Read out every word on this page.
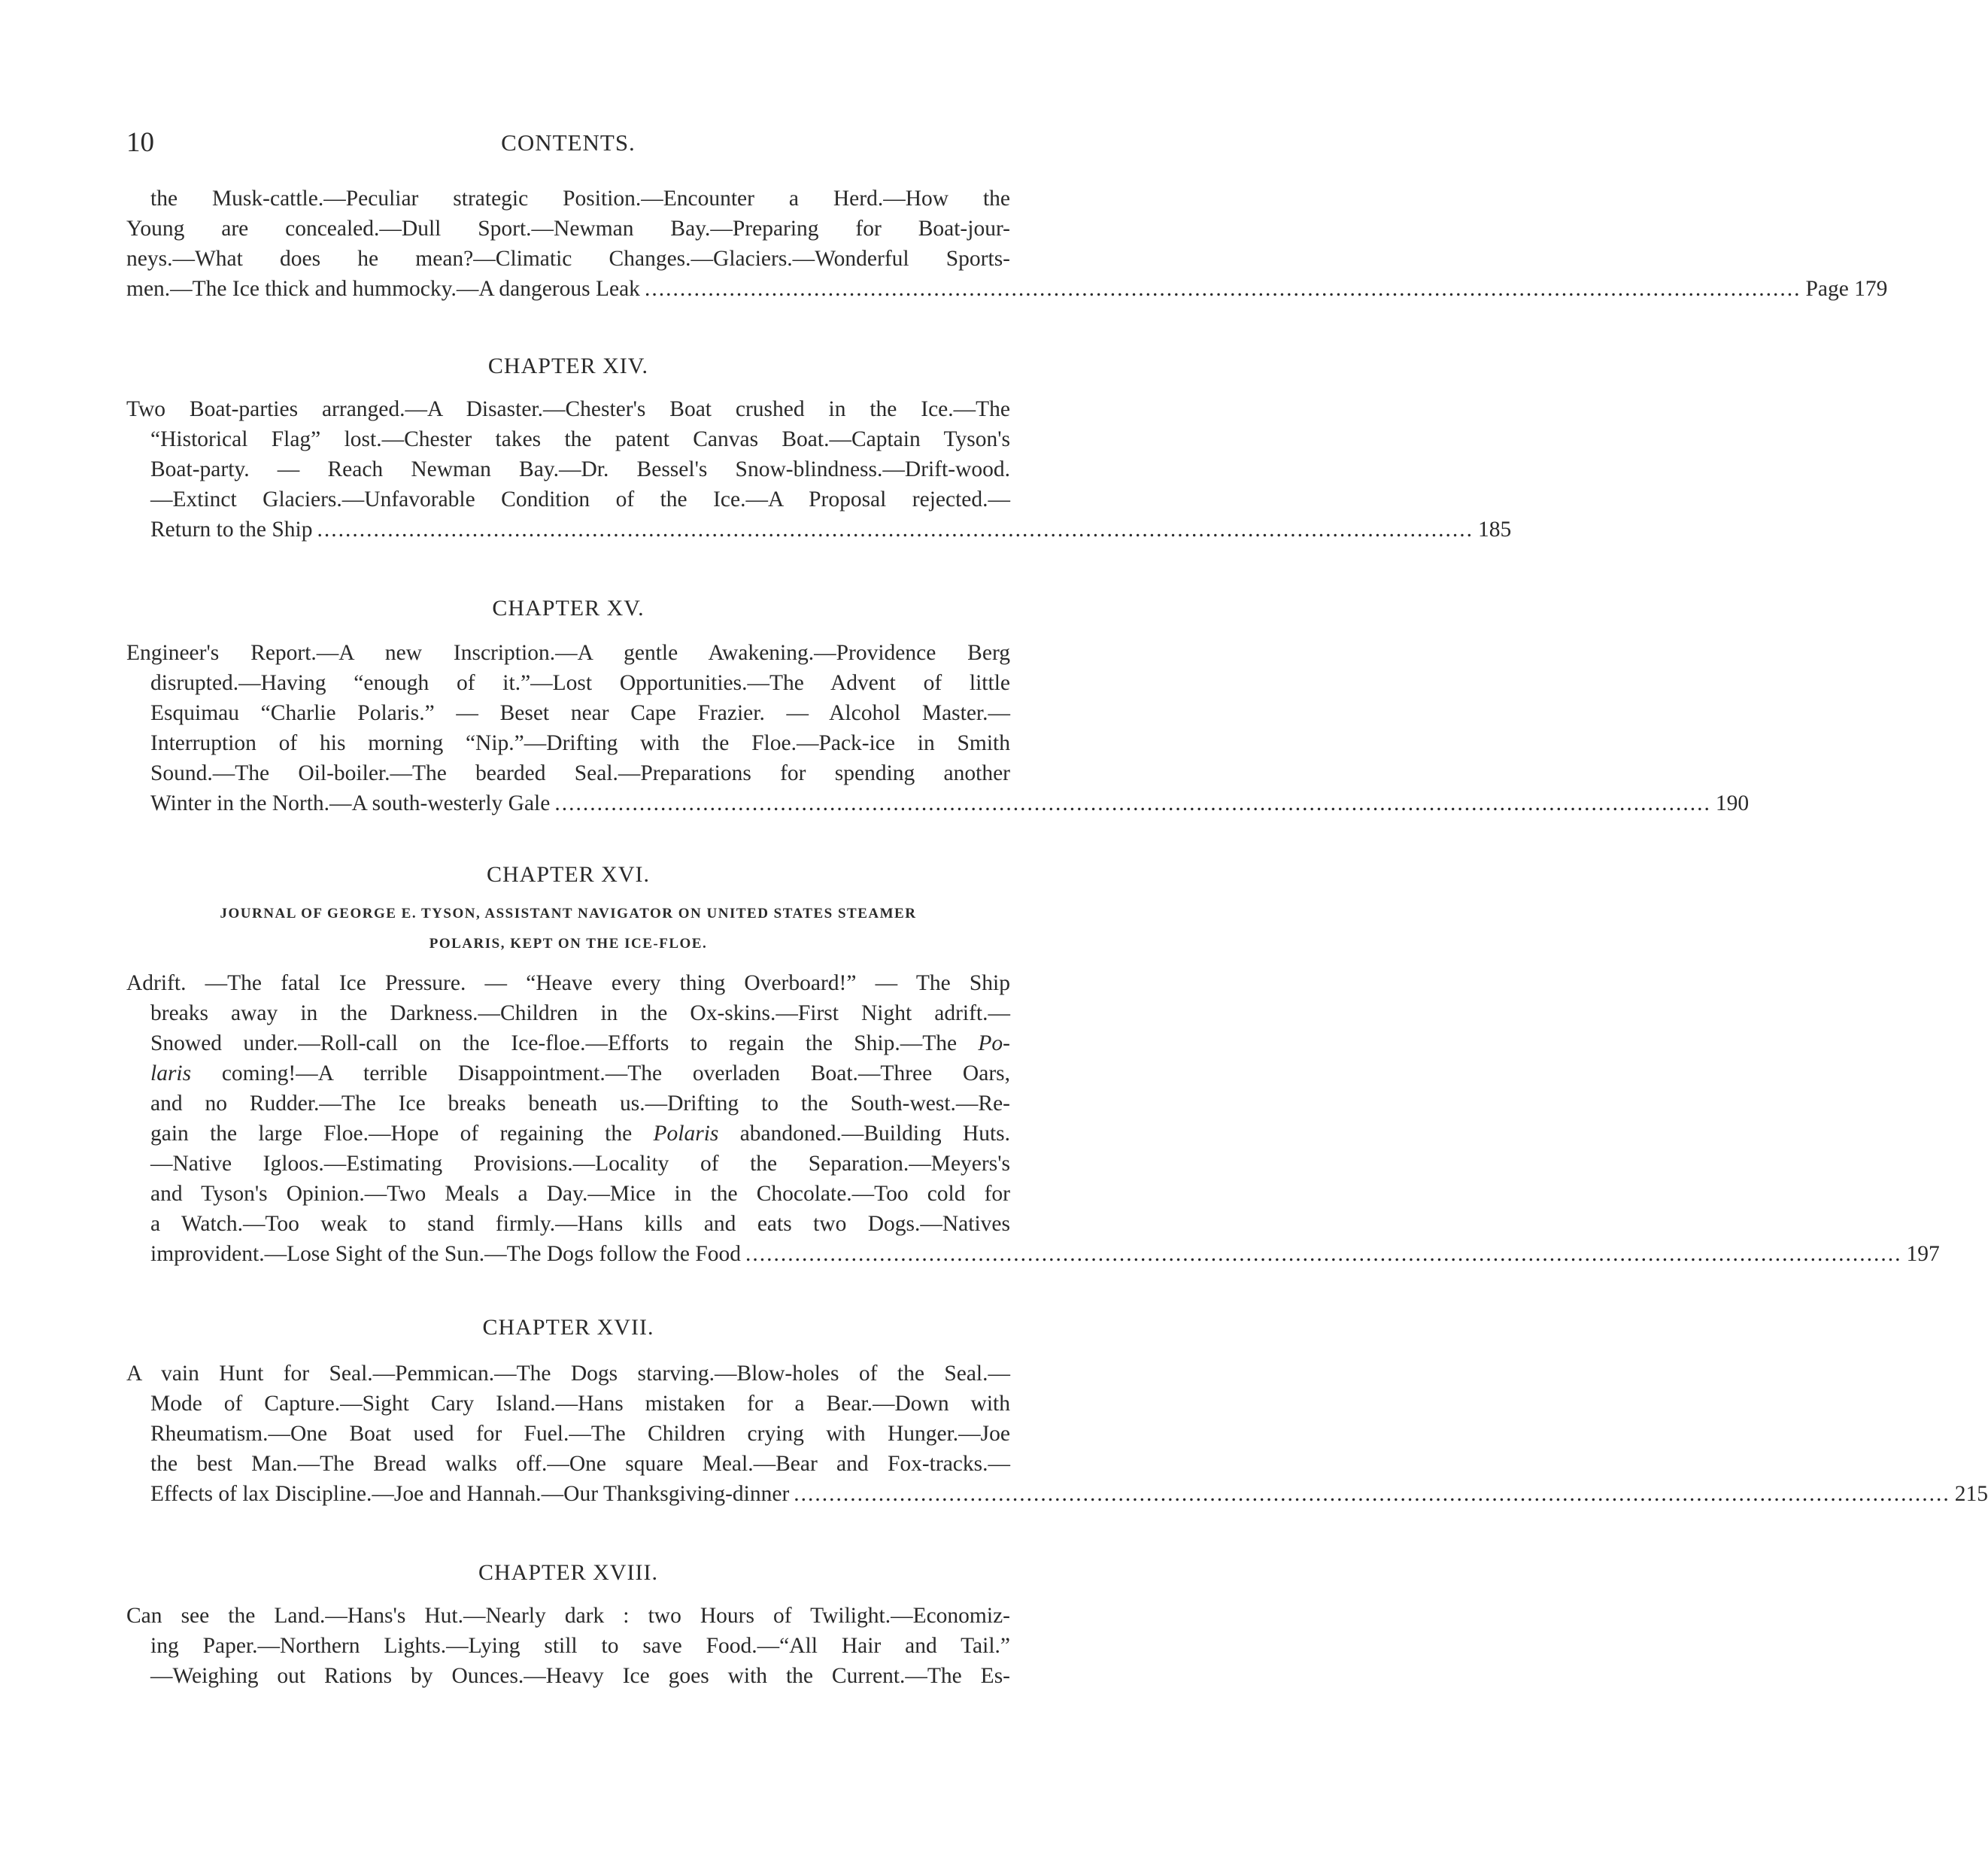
10	CONTENTS.
the Musk-cattle.—Peculiar strategic Position.—Encounter a Herd.—How the
Young are concealed.—Dull Sport.—Newman Bay.—Preparing for Boat-jour-
neys.—What does he mean?—Climatic Changes.—Glaciers.—Wonderful Sports-
men.—The Ice thick and hummocky.—A dangerous Leak .................................................................................................................................................................... Page 179
CHAPTER XIV.
Two Boat-parties arranged.—A Disaster.—Chester's Boat crushed in the Ice.—The
“Historical Flag” lost.—Chester takes the patent Canvas Boat.—Captain Tyson's
Boat-party. — Reach Newman Bay.—Dr. Bessel's Snow-blindness.—Drift-wood.
—Extinct Glaciers.—Unfavorable Condition of the Ice.—A Proposal rejected.—
Return to the Ship .................................................................................................................................................................... 185
CHAPTER XV.
Engineer's Report.—A new Inscription.—A gentle Awakening.—Providence Berg
disrupted.—Having “enough of it.”—Lost Opportunities.—The Advent of little
Esquimau “Charlie Polaris.” — Beset near Cape Frazier. — Alcohol Master.—
Interruption of his morning “Nip.”—Drifting with the Floe.—Pack-ice in Smith
Sound.—The Oil-boiler.—The bearded Seal.—Preparations for spending another
Winter in the North.—A south-westerly Gale .................................................................................................................................................................... 190
CHAPTER XVI.
JOURNAL OF GEORGE E. TYSON, ASSISTANT NAVIGATOR ON UNITED STATES STEAMER
POLARIS, KEPT ON THE ICE-FLOE.
Adrift. —The fatal Ice Pressure. — “Heave every thing Overboard!” — The Ship
breaks away in the Darkness.—Children in the Ox-skins.—First Night adrift.—
Snowed under.—Roll-call on the Ice-floe.—Efforts to regain the Ship.—The Po-
laris coming!—A terrible Disappointment.—The overladen Boat.—Three Oars,
and no Rudder.—The Ice breaks beneath us.—Drifting to the South-west.—Re-
gain the large Floe.—Hope of regaining the Polaris abandoned.—Building Huts.
—Native Igloos.—Estimating Provisions.—Locality of the Separation.—Meyers's
and Tyson's Opinion.—Two Meals a Day.—Mice in the Chocolate.—Too cold for
a Watch.—Too weak to stand firmly.—Hans kills and eats two Dogs.—Natives
improvident.—Lose Sight of the Sun.—The Dogs follow the Food .................................................................................................................................................................... 197
CHAPTER XVII.
A vain Hunt for Seal.—Pemmican.—The Dogs starving.—Blow-holes of the Seal.—
Mode of Capture.—Sight Cary Island.—Hans mistaken for a Bear.—Down with
Rheumatism.—One Boat used for Fuel.—The Children crying with Hunger.—Joe
the best Man.—The Bread walks off.—One square Meal.—Bear and Fox-tracks.—
Effects of lax Discipline.—Joe and Hannah.—Our Thanksgiving-dinner .................................................................................................................................................................... 215
CHAPTER XVIII.
Can see the Land.—Hans's Hut.—Nearly dark : two Hours of Twilight.—Economiz-
ing Paper.—Northern Lights.—Lying still to save Food.—“All Hair and Tail.”
—Weighing out Rations by Ounces.—Heavy Ice goes with the Current.—The Es-
